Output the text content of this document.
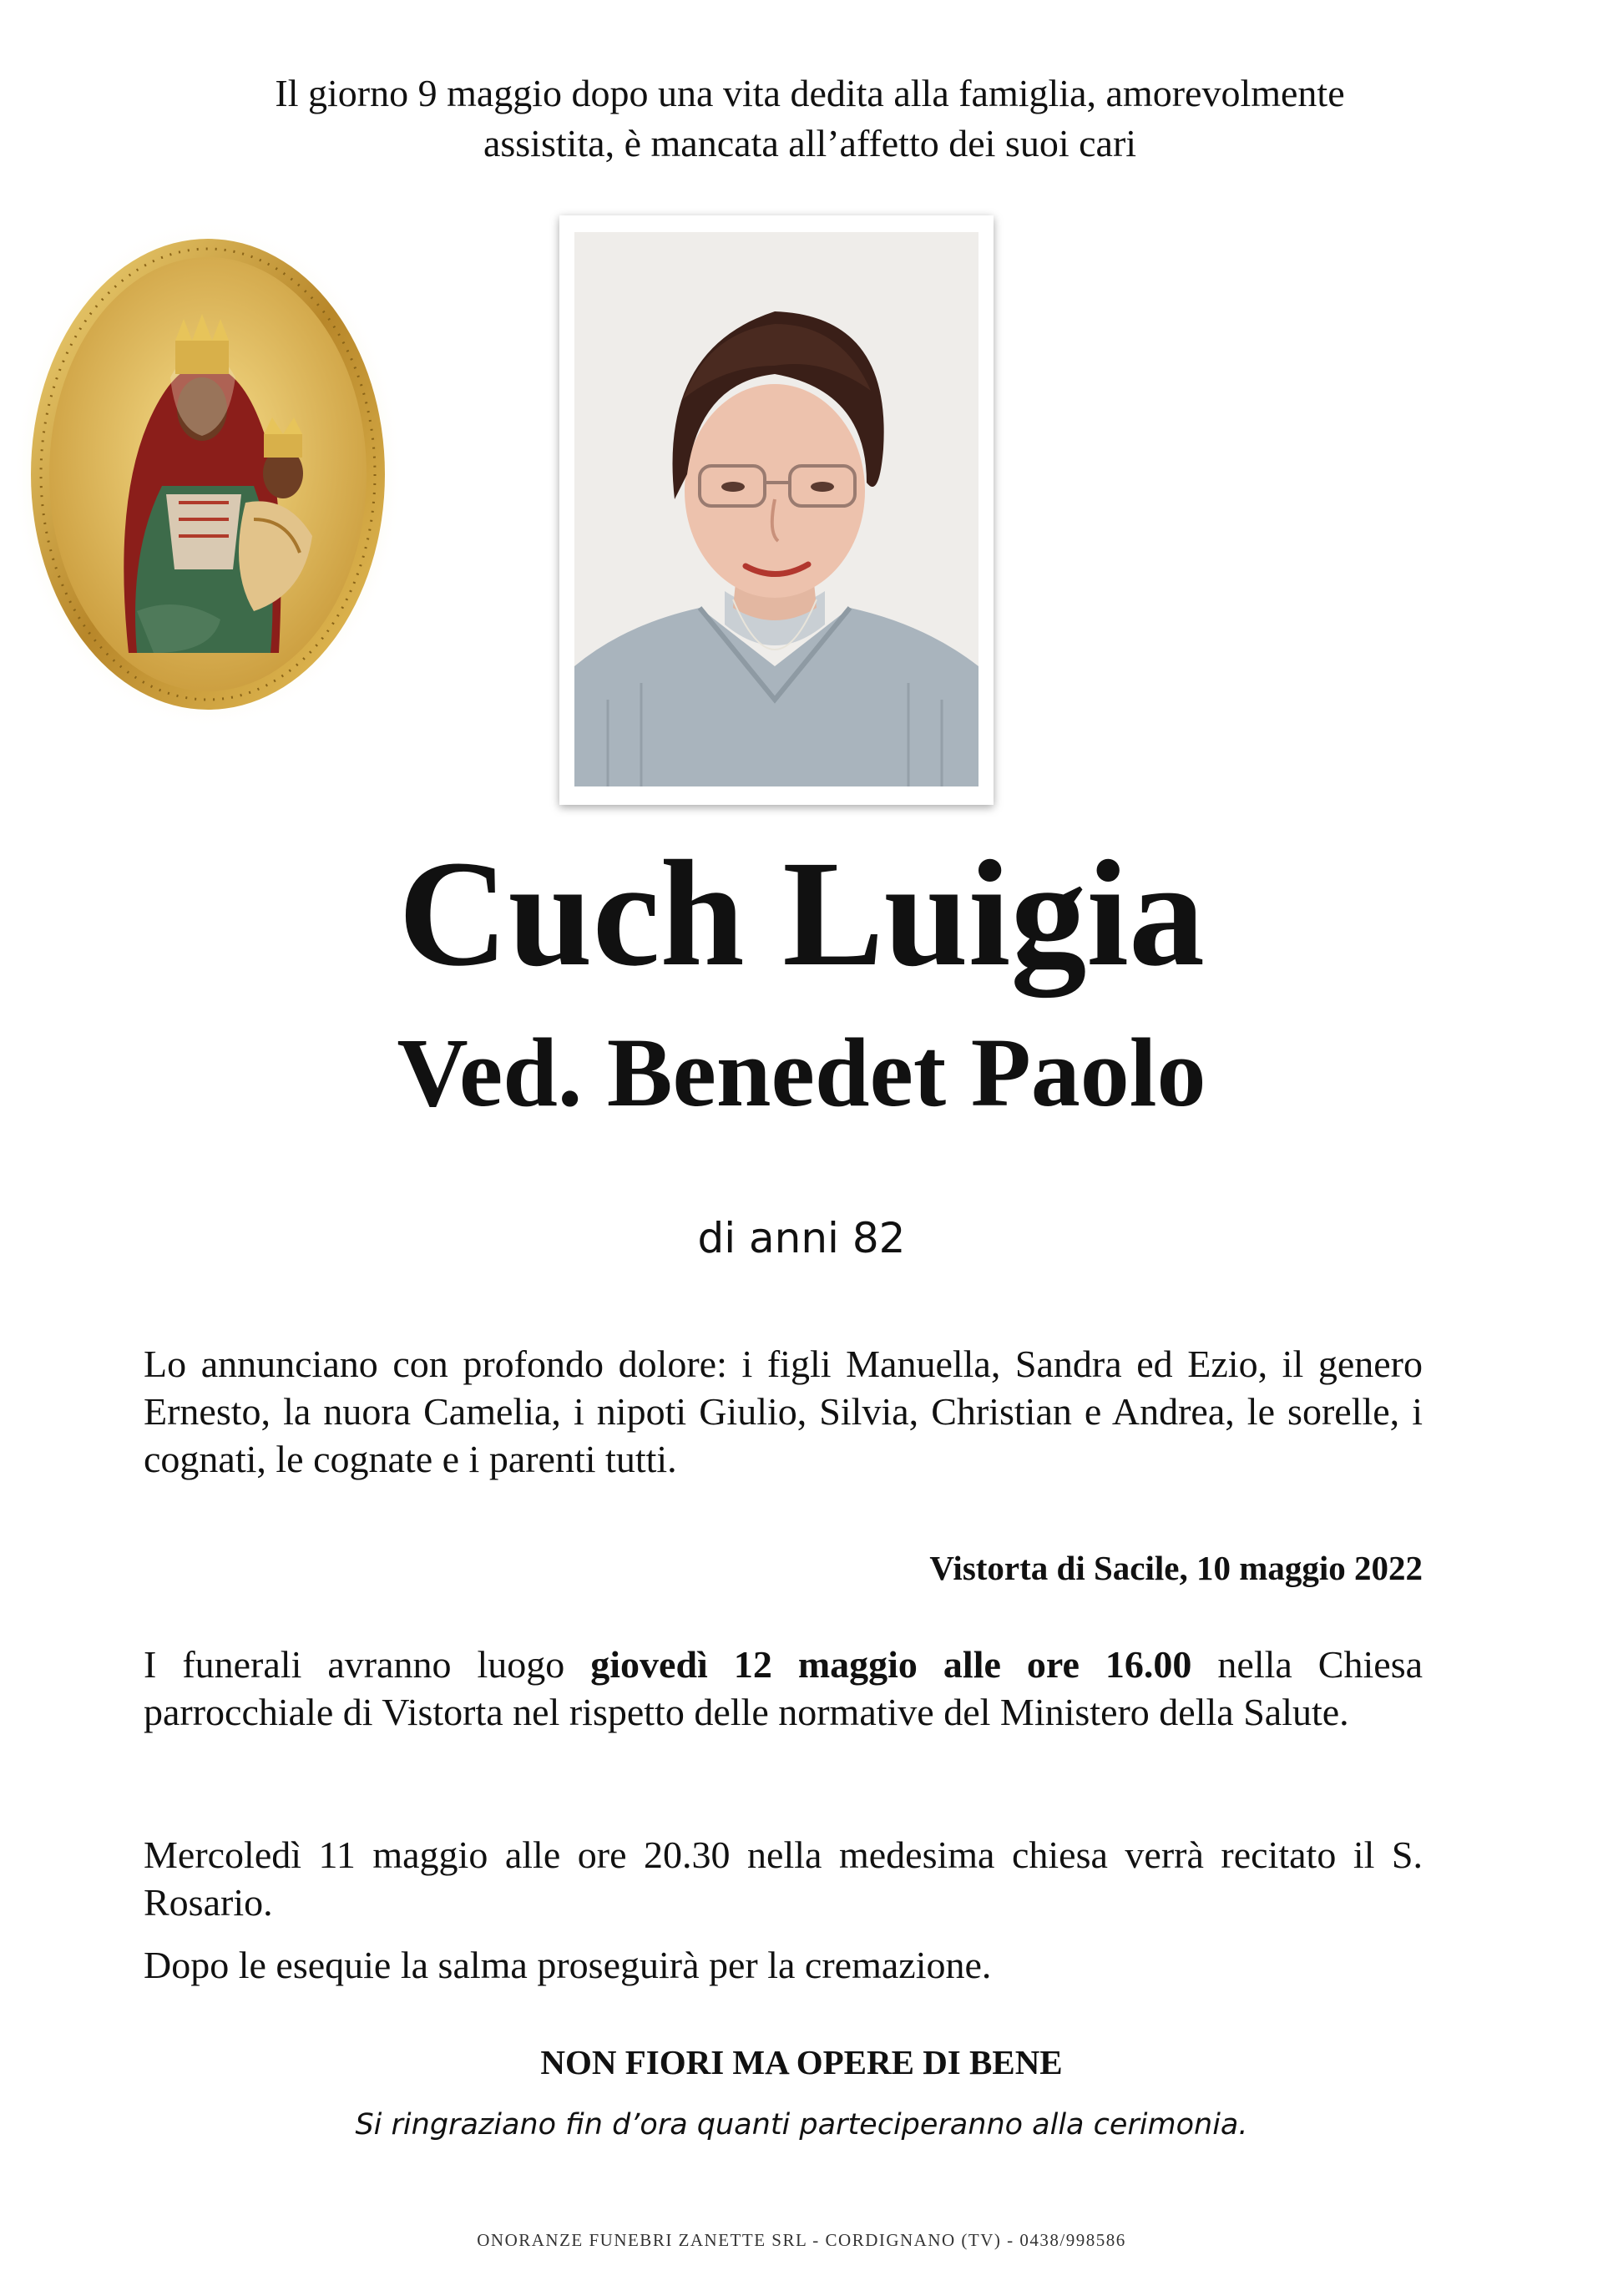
Il giorno 9 maggio dopo una vita dedita alla famiglia, amorevolmente
assistita, è mancata all’affetto dei suoi cari
Cuch Luigia
Ved. Benedet Paolo
di anni 82
Lo annunciano con profondo dolore: i figli Manuella, Sandra ed Ezio, il genero Ernesto, la nuora Camelia, i nipoti Giulio, Silvia, Christian e Andrea, le sorelle, i cognati, le cognate e i parenti tutti.
Vistorta di Sacile, 10 maggio 2022
I funerali avranno luogo giovedì 12 maggio alle ore 16.00 nella Chiesa parrocchiale di Vistorta nel rispetto delle normative del Ministero della Salute.
Mercoledì 11 maggio alle ore 20.30 nella medesima chiesa verrà recitato il S. Rosario.
Dopo le esequie la salma proseguirà per la cremazione.
NON FIORI MA OPERE DI BENE
Si ringraziano fin d’ora quanti parteciperanno alla cerimonia.
ONORANZE FUNEBRI ZANETTE SRL - CORDIGNANO (TV) - 0438/998586
